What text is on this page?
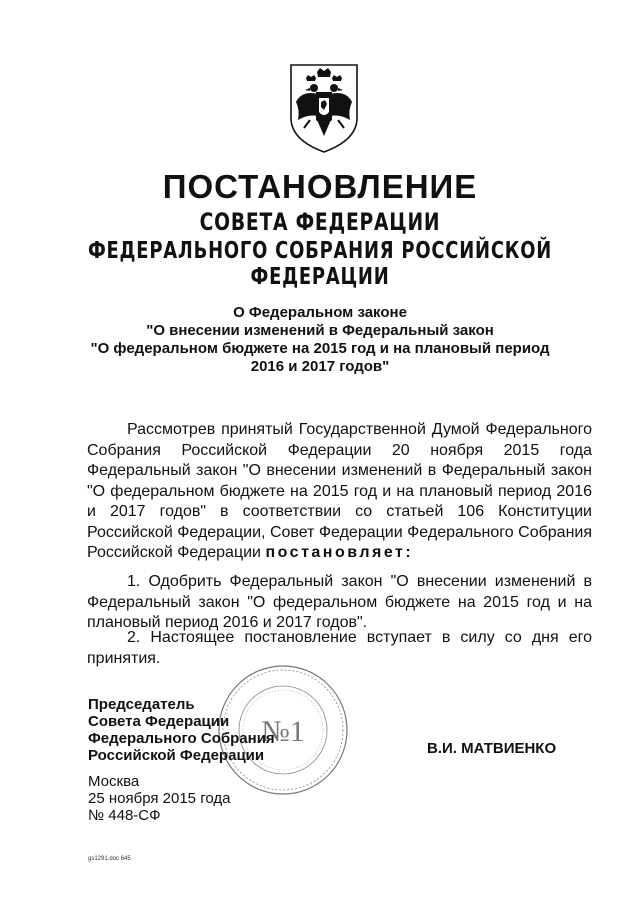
ПОСТАНОВЛЕНИЕ
СОВЕТА ФЕДЕРАЦИИ
ФЕДЕРАЛЬНОГО СОБРАНИЯ РОССИЙСКОЙ ФЕДЕРАЦИИ
О Федеральном законе
"О внесении изменений в Федеральный закон
"О федеральном бюджете на 2015 год и на плановый период
2016 и 2017 годов"
Рассмотрев принятый Государственной Думой Федерального Собрания Российской Федерации 20 ноября 2015 года Федеральный закон "О внесении изменений в Федеральный закон "О федеральном бюджете на 2015 год и на плановый период 2016 и 2017 годов" в соответствии со статьей 106 Конституции Российской Федерации, Совет Федерации Федерального Собрания Российской Федерации постановляет:
1. Одобрить Федеральный закон "О внесении изменений в Федеральный закон "О федеральном бюджете на 2015 год и на плановый период 2016 и 2017 годов".
2. Настоящее постановление вступает в силу со дня его принятия.
№1
Председатель
Совета Федерации
Федерального Собрания
Российской Федерации	В.И. МАТВИЕНКО
Москва
25 ноября 2015 года
№ 448-СФ
gs1291.doc 645
